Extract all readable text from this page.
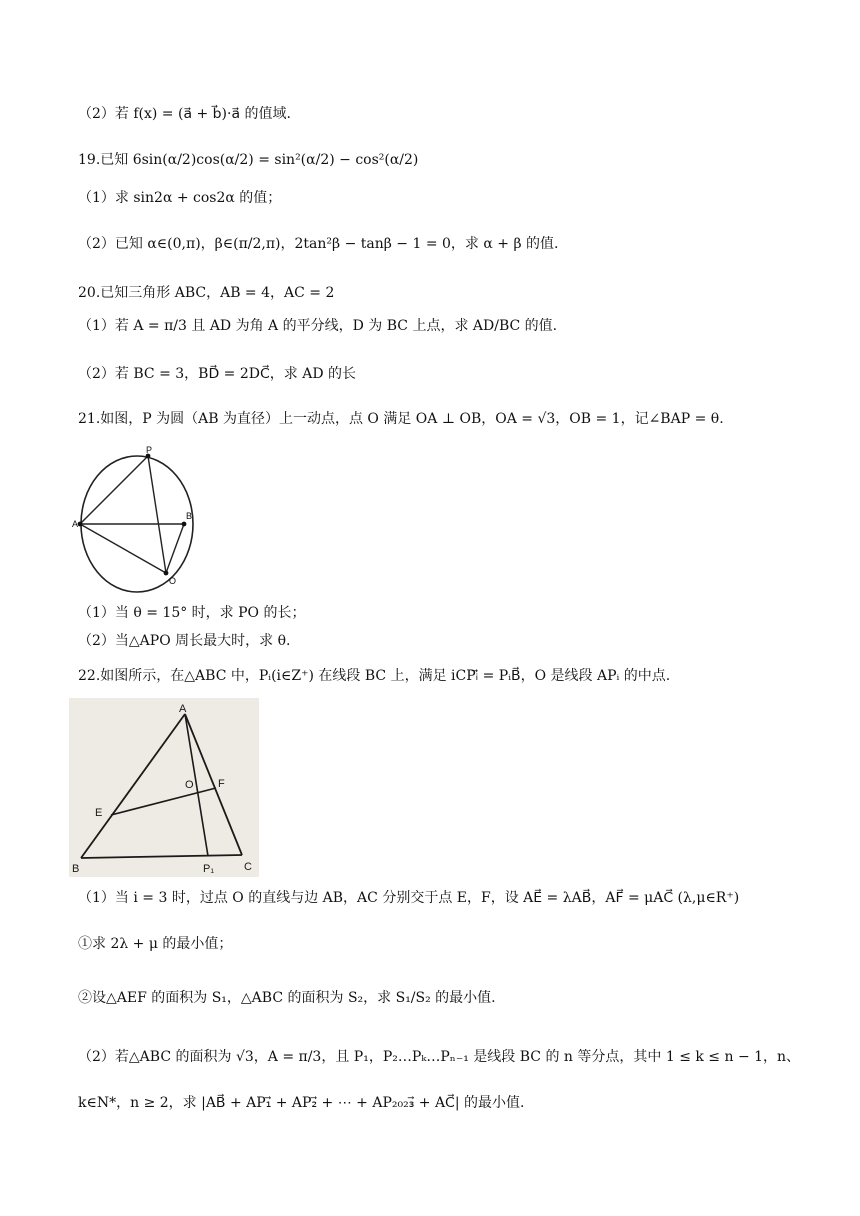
（2）若 f(x) = (a⃗ + b⃗)·a⃗ 的值域.
19.已知 6sin(α/2)cos(α/2) = sin²(α/2) − cos²(α/2)
（1）求 sin2α + cos2α 的值；
（2）已知 α∈(0,π)，β∈(π/2,π)，2tan²β − tanβ − 1 = 0，求 α + β 的值.
20.已知三角形 ABC，AB = 4，AC = 2
（1）若 A = π/3 且 AD 为角 A 的平分线，D 为 BC 上点，求 AD/BC 的值.
（2）若 BC = 3，BD⃗ = 2DC⃗，求 AD 的长
21.如图，P 为圆（AB 为直径）上一动点，点 O 满足 OA ⊥ OB，OA = √3，OB = 1，记∠BAP = θ.
P
A
B
O
（1）当 θ = 15° 时，求 PO 的长；
（2）当△APO 周长最大时，求 θ.
22.如图所示，在△ABC 中，Pᵢ(i∈Z⁺) 在线段 BC 上，满足 iCPᵢ⃗ = PᵢB⃗，O 是线段 APᵢ 的中点.
A
B	C
E
F
O
P₁
（1）当 i = 3 时，过点 O 的直线与边 AB，AC 分别交于点 E，F，设 AE⃗ = λAB⃗，AF⃗ = μAC⃗ (λ,μ∈R⁺)
①求 2λ + μ 的最小值；
②设△AEF 的面积为 S₁，△ABC 的面积为 S₂，求 S₁/S₂ 的最小值.
（2）若△ABC 的面积为 √3，A = π/3，且 P₁，P₂…Pₖ…Pₙ₋₁ 是线段 BC 的 n 等分点，其中 1 ≤ k ≤ n − 1，n、
k∈N*，n ≥ 2，求 |AB⃗ + AP₁⃗ + AP₂⃗ + ⋯ + AP₂₀₂₃⃗ + AC⃗| 的最小值.
